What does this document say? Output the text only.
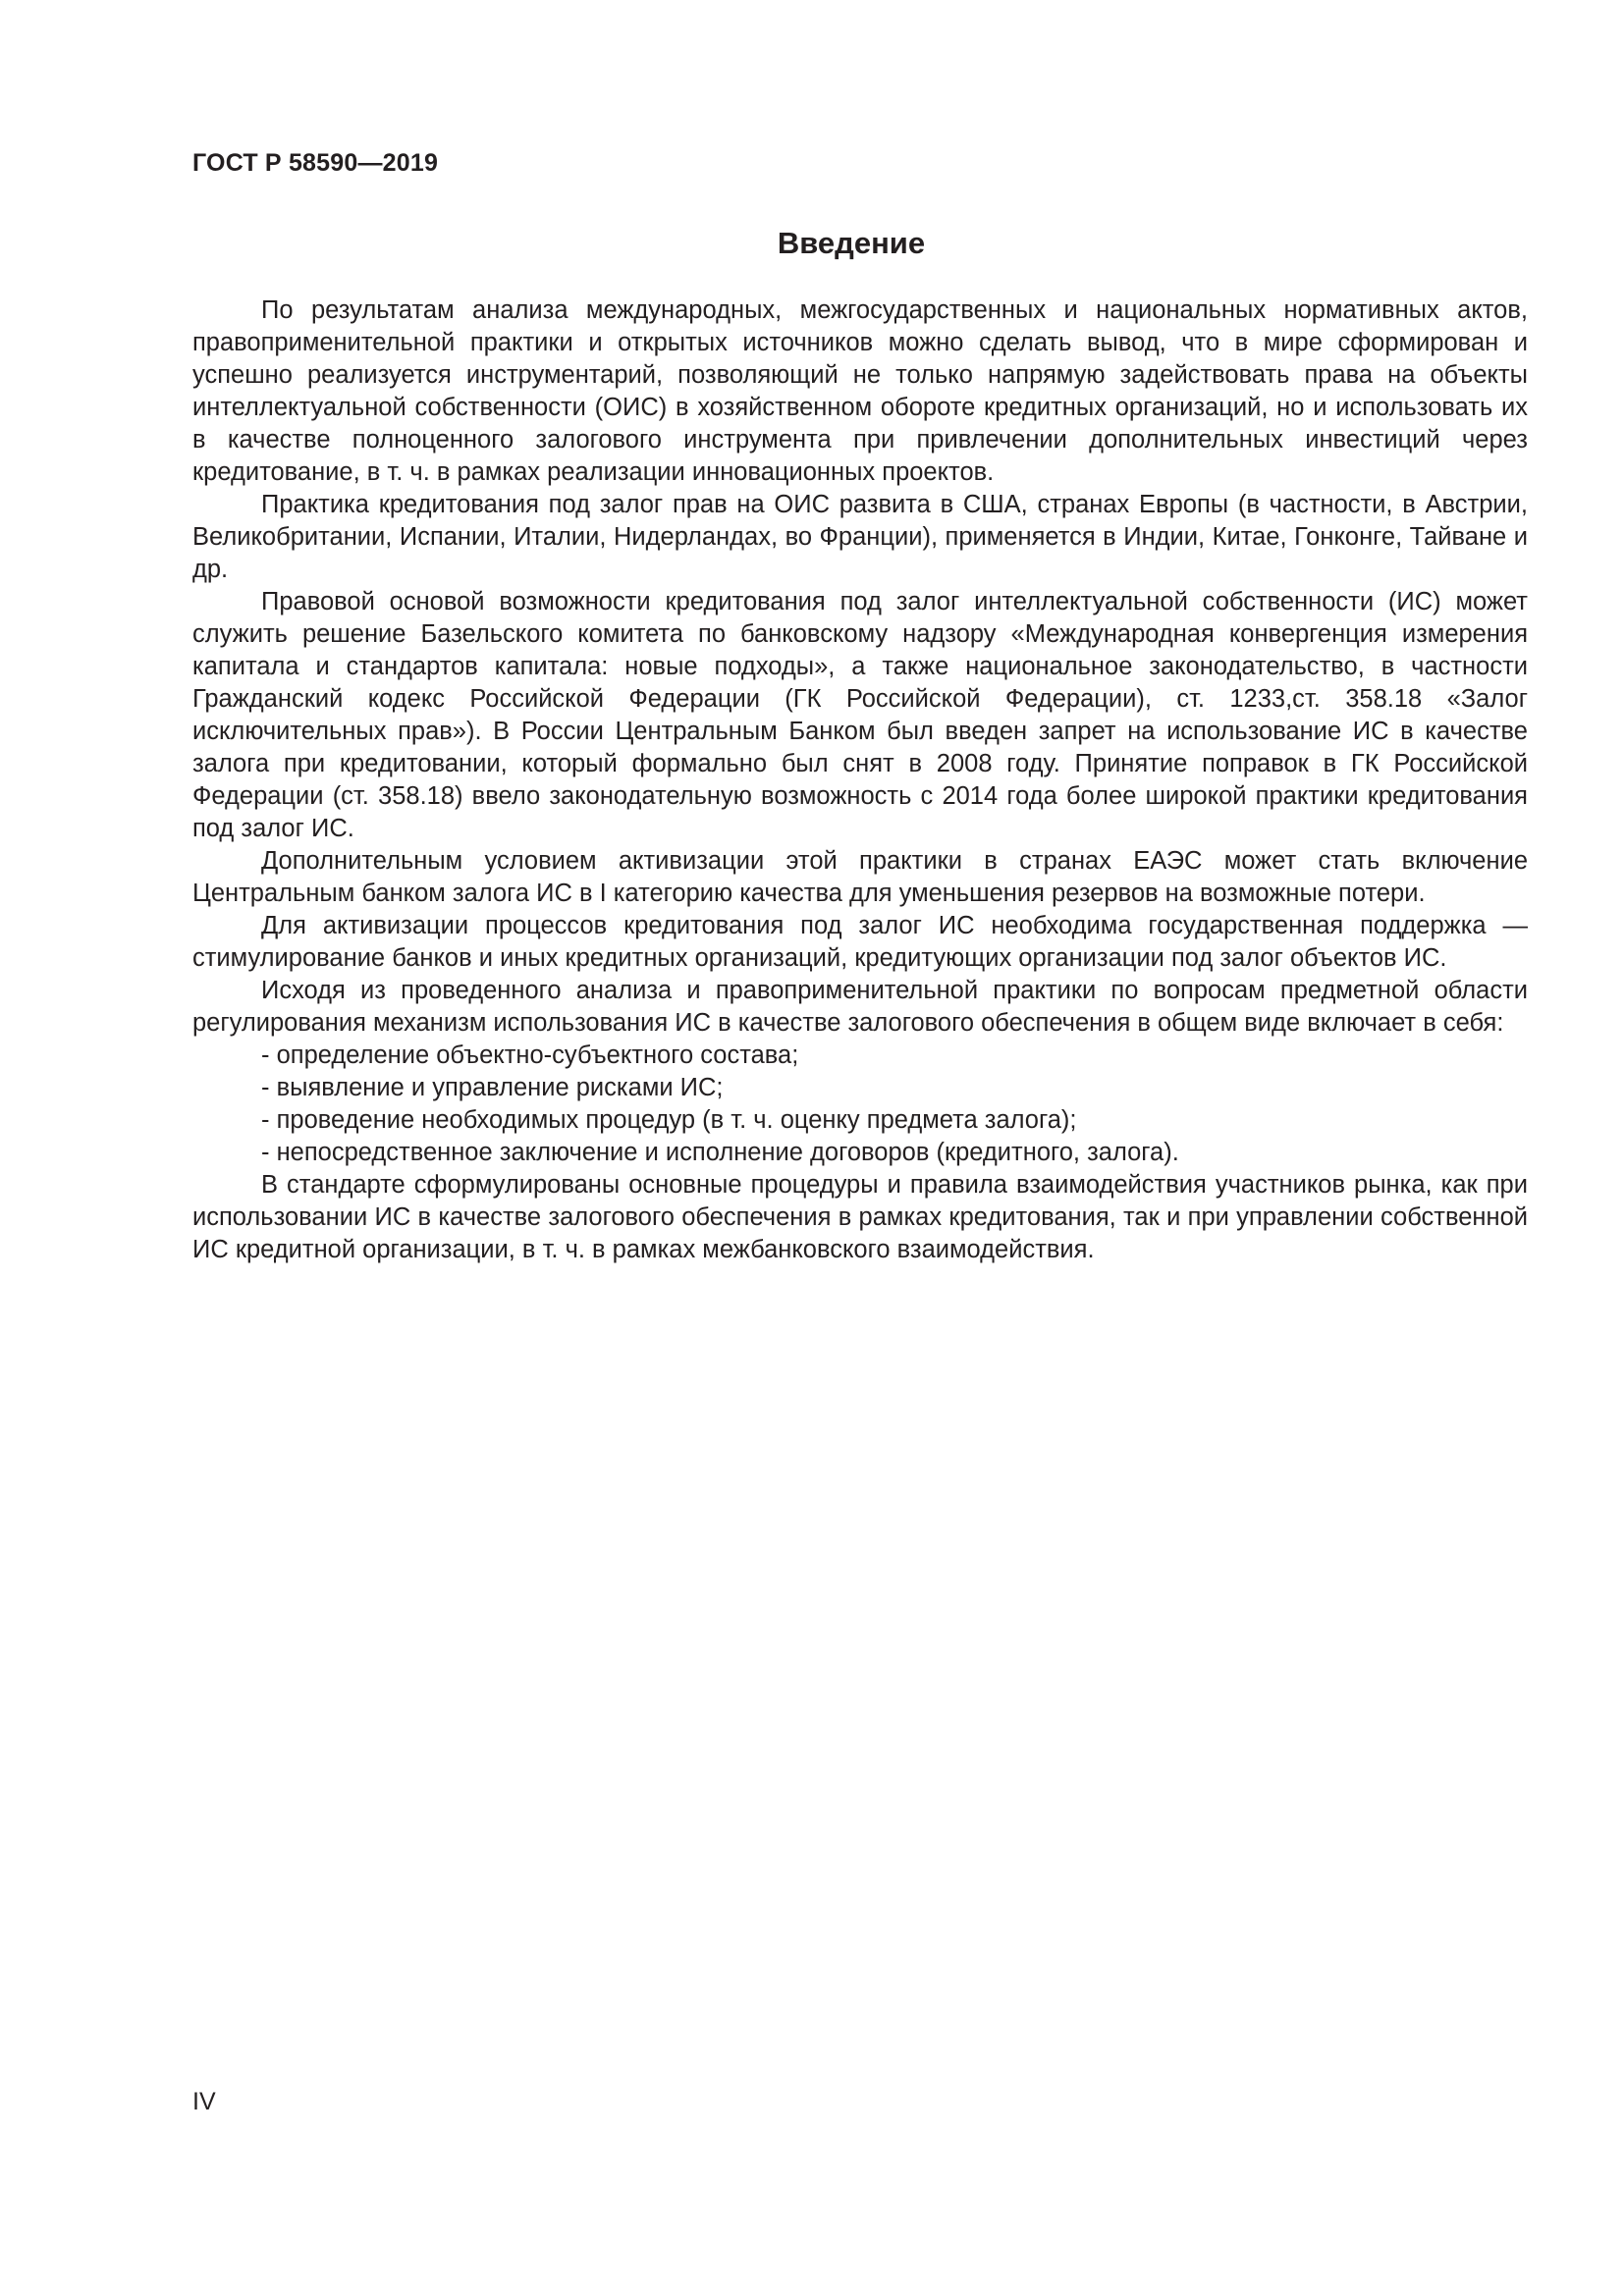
ГОСТ Р 58590—2019
Введение

По результатам анализа международных, межгосударственных и национальных нормативных актов, правоприменительной практики и открытых источников можно сделать вывод, что в мире сформирован и успешно реализуется инструментарий, позволяющий не только напрямую задействовать права на объекты интеллектуальной собственности (ОИС) в хозяйственном обороте кредитных организаций, но и использовать их в качестве полноценного залогового инструмента при привлечении дополнительных инвестиций через кредитование, в т. ч. в рамках реализации инновационных проектов.

Практика кредитования под залог прав на ОИС развита в США, странах Европы (в частности, в Австрии, Великобритании, Испании, Италии, Нидерландах, во Франции), применяется в Индии, Китае, Гонконге, Тайване и др.

Правовой основой возможности кредитования под залог интеллектуальной собственности (ИС) может служить решение Базельского комитета по банковскому надзору «Международная конвергенция измерения капитала и стандартов капитала: новые подходы», а также национальное законодательство, в частности Гражданский кодекс Российской Федерации (ГК Российской Федерации), ст. 1233,ст. 358.18 «Залог исключительных прав»). В России Центральным Банком был введен запрет на использование ИС в качестве залога при кредитовании, который формально был снят в 2008 году. Принятие поправок в ГК Российской Федерации (ст. 358.18) ввело законодательную возможность с 2014 года более широкой практики кредитования под залог ИС.

Дополнительным условием активизации этой практики в странах ЕАЭС может стать включение Центральным банком залога ИС в I категорию качества для уменьшения резервов на возможные потери.

Для активизации процессов кредитования под залог ИС необходима государственная поддержка — стимулирование банков и иных кредитных организаций, кредитующих организации под залог объектов ИС.

Исходя из проведенного анализа и правоприменительной практики по вопросам предметной области регулирования механизм использования ИС в качестве залогового обеспечения в общем виде включает в себя:

- определение объектно-субъектного состава;
- выявление и управление рисками ИС;
- проведение необходимых процедур (в т. ч. оценку предмета залога);
- непосредственное заключение и исполнение договоров (кредитного, залога).

В стандарте сформулированы основные процедуры и правила взаимодействия участников рынка, как при использовании ИС в качестве залогового обеспечения в рамках кредитования, так и при управлении собственной ИС кредитной организации, в т. ч. в рамках межбанковского взаимодействия.

IV
